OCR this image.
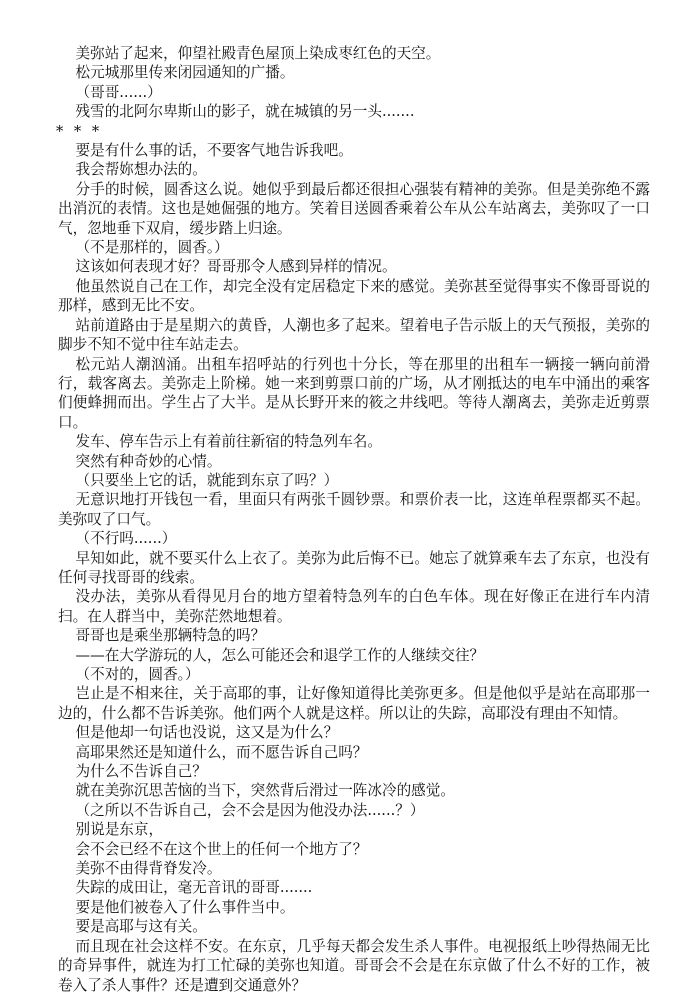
美弥站了起来，仰望社殿青色屋顶上染成枣红色的天空。

松元城那里传来闭园通知的广播。

（哥哥......）

残雪的北阿尔卑斯山的影子，就在城镇的另一头.......

* * *

要是有什么事的话，不要客气地告诉我吧。

我会帮妳想办法的。

分手的时候，圆香这么说。她似乎到最后都还很担心强装有精神的美弥。但是美弥绝不露出消沉的表情。这也是她倔强的地方。笑着目送圆香乘着公车从公车站离去，美弥叹了一口气，忽地垂下双肩，缓步踏上归途。

（不是那样的，圆香。）

这该如何表现才好？哥哥那令人感到异样的情况。

他虽然说自己在工作，却完全没有定居稳定下来的感觉。美弥甚至觉得事实不像哥哥说的那样，感到无比不安。

站前道路由于是星期六的黄昏，人潮也多了起来。望着电子告示版上的天气预报，美弥的脚步不知不觉中往车站走去。

松元站人潮汹涌。出租车招呼站的行列也十分长，等在那里的出租车一辆接一辆向前滑行，载客离去。美弥走上阶梯。她一来到剪票口前的广场，从才刚抵达的电车中涌出的乘客们便蜂拥而出。学生占了大半。是从长野开来的筱之井线吧。等待人潮离去，美弥走近剪票口。

发车、停车告示上有着前往新宿的特急列车名。

突然有种奇妙的心情。

（只要坐上它的话，就能到东京了吗？）

无意识地打开钱包一看，里面只有两张千圆钞票。和票价表一比，这连单程票都买不起。美弥叹了口气。

（不行吗......）

早知如此，就不要买什么上衣了。美弥为此后悔不已。她忘了就算乘车去了东京，也没有任何寻找哥哥的线索。

没办法，美弥从看得见月台的地方望着特急列车的白色车体。现在好像正在进行车内清扫。在人群当中，美弥茫然地想着。

哥哥也是乘坐那辆特急的吗？

——在大学游玩的人，怎么可能还会和退学工作的人继续交往？

（不对的，圆香。）

岂止是不相来往，关于高耶的事，让好像知道得比美弥更多。但是他似乎是站在高耶那一边的，什么都不告诉美弥。他们两个人就是这样。所以让的失踪，高耶没有理由不知情。

但是他却一句话也没说，这又是为什么？

高耶果然还是知道什么，而不愿告诉自己吗？

为什么不告诉自己？

就在美弥沉思苦恼的当下，突然背后滑过一阵冰冷的感觉。

（之所以不告诉自己，会不会是因为他没办法......？）

别说是东京，

会不会已经不在这个世上的任何一个地方了？

美弥不由得背脊发冷。

失踪的成田让，毫无音讯的哥哥.......

要是他们被卷入了什么事件当中。

要是高耶与这有关。

而且现在社会这样不安。在东京，几乎每天都会发生杀人事件。电视报纸上吵得热闹无比的奇异事件，就连为打工忙碌的美弥也知道。哥哥会不会是在东京做了什么不好的工作，被卷入了杀人事件？还是遭到交通意外？
